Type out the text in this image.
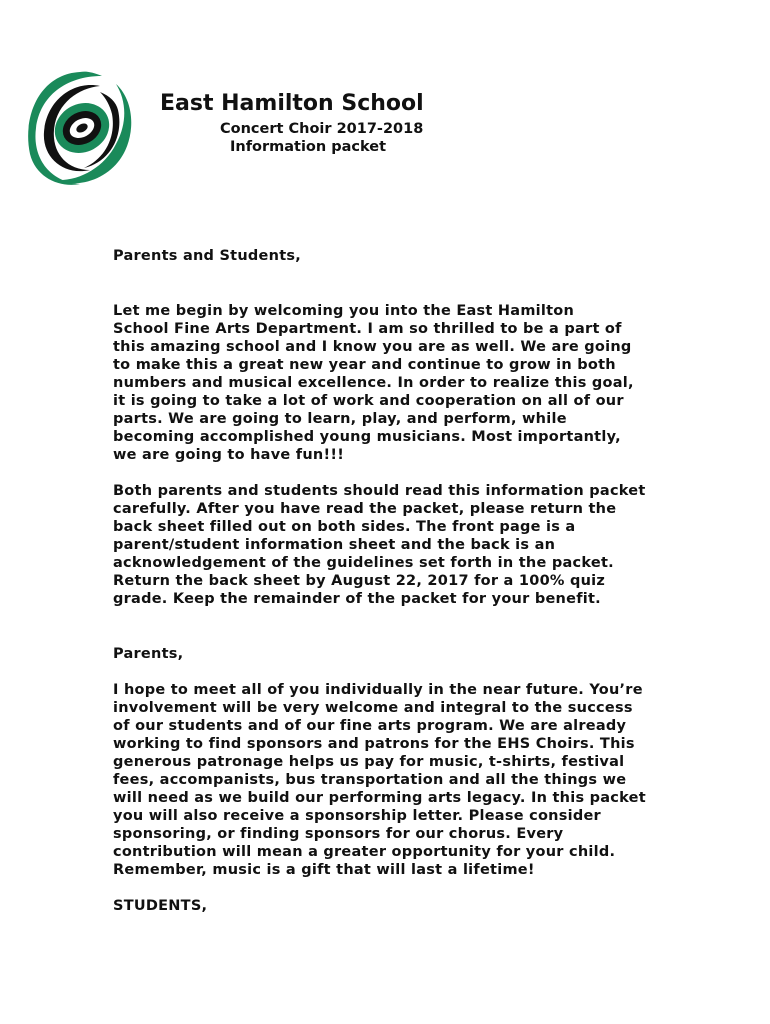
East Hamilton School
Concert Choir 2017-2018
Information packet
Parents and Students,
Let me begin by welcoming you into the East Hamilton
School Fine Arts Department. I am so thrilled to be a part of
this amazing school and I know you are as well. We are going
to make this a great new year and continue to grow in both
numbers and musical excellence. In order to realize this goal,
it is going to take a lot of work and cooperation on all of our
parts. We are going to learn, play, and perform, while
becoming accomplished young musicians. Most importantly,
we are going to have fun!!!
Both parents and students should read this information packet
carefully. After you have read the packet, please return the
back sheet filled out on both sides. The front page is a
parent/student information sheet and the back is an
acknowledgement of the guidelines set forth in the packet.
Return the back sheet by August 22, 2017 for a 100% quiz
grade. Keep the remainder of the packet for your benefit.
Parents,
I hope to meet all of you individually in the near future. You’re
involvement will be very welcome and integral to the success
of our students and of our fine arts program. We are already
working to find sponsors and patrons for the EHS Choirs. This
generous patronage helps us pay for music, t-shirts, festival
fees, accompanists, bus transportation and all the things we
will need as we build our performing arts legacy. In this packet
you will also receive a sponsorship letter. Please consider
sponsoring, or finding sponsors for our chorus. Every
contribution will mean a greater opportunity for your child.
Remember, music is a gift that will last a lifetime!
STUDENTS,
